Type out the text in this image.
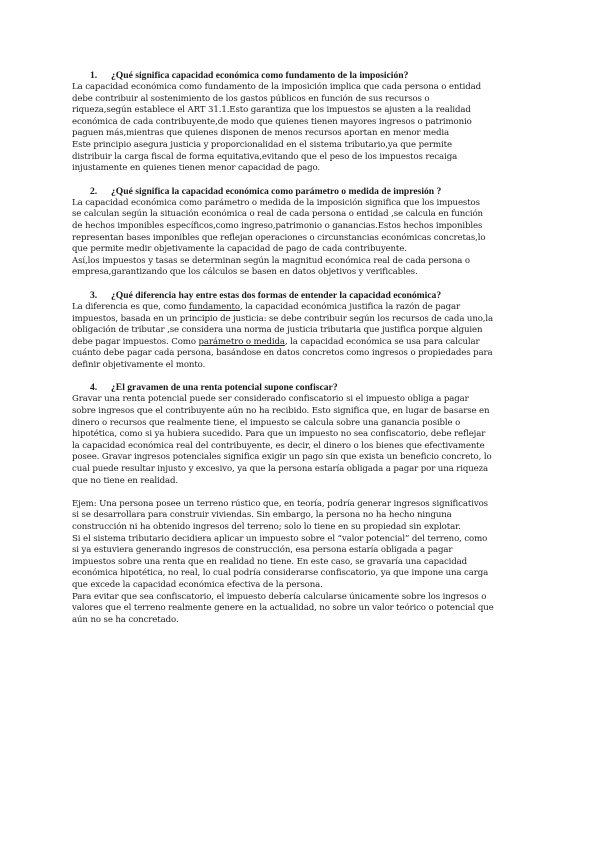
1. ¿Qué significa capacidad económica como fundamento de la imposición?
La capacidad económica como fundamento de la imposición implica que cada persona o entidad
debe contribuir al sostenimiento de los gastos públicos en función de sus recursos o
riqueza,según establece el ART 31.1.Esto garantiza que los impuestos se ajusten a la realidad
económica de cada contribuyente,de modo que quienes tienen mayores ingresos o patrimonio
paguen más,mientras que quienes disponen de menos recursos aportan en menor media
Este principio asegura justicia y proporcionalidad en el sistema tributario,ya que permite
distribuir la carga fiscal de forma equitativa,evitando que el peso de los impuestos recaiga
injustamente en quienes tienen menor capacidad de pago.
2. ¿Qué significa la capacidad económica como parámetro o medida de impresión ?
La capacidad económica como parámetro o medida de la imposición significa que los impuestos
se calculan según la situación económica o real de cada persona o entidad ,se calcula en función
de hechos imponibles específicos,como ingreso,patrimonio o ganancias.Estos hechos imponibles
representan bases imponibles que reflejan operaciones o circunstancias económicas concretas,lo
que permite medir objetivamente la capacidad de pago de cada contribuyente.
Así,los impuestos y tasas se determinan según la magnitud económica real de cada persona o
empresa,garantizando que los cálculos se basen en datos objetivos y verificables.
3. ¿Qué diferencia hay entre estas dos formas de entender la capacidad económica?
La diferencia es que, como fundamento, la capacidad económica justifica la razón de pagar
impuestos, basada en un principio de justicia: se debe contribuir según los recursos de cada uno,la
obligación de tributar ,se considera una norma de justicia tributaria que justifica porque alguien
debe pagar impuestos. Como parámetro o medida, la capacidad económica se usa para calcular
cuánto debe pagar cada persona, basándose en datos concretos como ingresos o propiedades para
definir objetivamente el monto.
4. ¿El gravamen de una renta potencial supone confiscar?
Gravar una renta potencial puede ser considerado confiscatorio si el impuesto obliga a pagar
sobre ingresos que el contribuyente aún no ha recibido. Esto significa que, en lugar de basarse en
dinero o recursos que realmente tiene, el impuesto se calcula sobre una ganancia posible o
hipotética, como si ya hubiera sucedido. Para que un impuesto no sea confiscatorio, debe reflejar
la capacidad económica real del contribuyente, es decir, el dinero o los bienes que efectivamente
posee. Gravar ingresos potenciales significa exigir un pago sin que exista un beneficio concreto, lo
cual puede resultar injusto y excesivo, ya que la persona estaría obligada a pagar por una riqueza
que no tiene en realidad.
Ejem: Una persona posee un terreno rústico que, en teoría, podría generar ingresos significativos
si se desarrollara para construir viviendas. Sin embargo, la persona no ha hecho ninguna
construcción ni ha obtenido ingresos del terreno; solo lo tiene en su propiedad sin explotar.
Si el sistema tributario decidiera aplicar un impuesto sobre el “valor potencial” del terreno, como
si ya estuviera generando ingresos de construcción, esa persona estaría obligada a pagar
impuestos sobre una renta que en realidad no tiene. En este caso, se gravaría una capacidad
económica hipotética, no real, lo cual podría considerarse confiscatorio, ya que impone una carga
que excede la capacidad económica efectiva de la persona.
Para evitar que sea confiscatorio, el impuesto debería calcularse únicamente sobre los ingresos o
valores que el terreno realmente genere en la actualidad, no sobre un valor teórico o potencial que
aún no se ha concretado.
